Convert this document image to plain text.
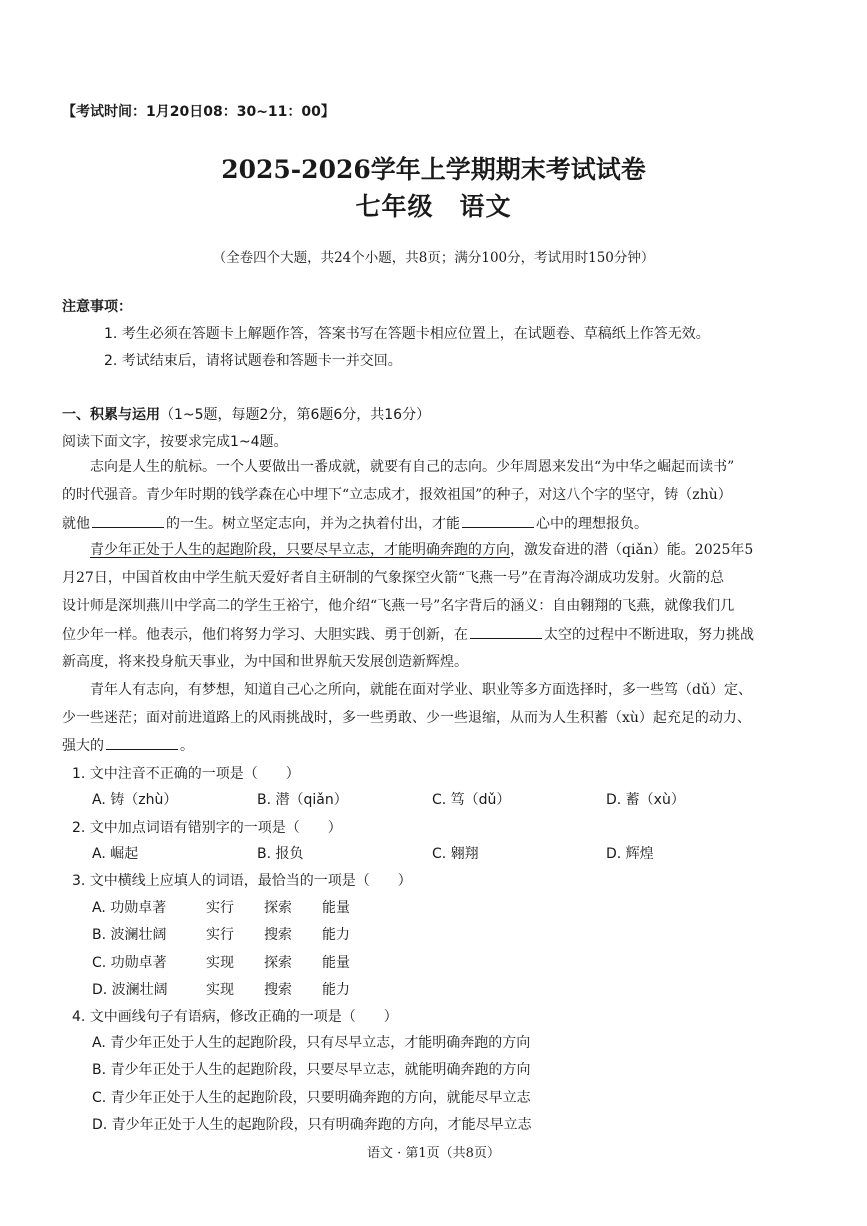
【考试时间：1月20日08：30~11：00】
2025-2026学年上学期期末考试试卷
七年级　语文
（全卷四个大题，共24个小题，共8页；满分100分，考试用时150分钟）
注意事项：
1. 考生必须在答题卡上解题作答，答案书写在答题卡相应位置上，在试题卷、草稿纸上作答无效。
2. 考试结束后，请将试题卷和答题卡一并交回。
一、积累与运用（1~5题，每题2分，第6题6分，共16分）
阅读下面文字，按要求完成1~4题。
　　志向是人生的航标。一个人要做出一番成就，就要有自己的志向。少年周恩来发出“为中华之崛起而读书”
的时代强音。青少年时期的钱学森在心中埋下“立志成才，报效祖国”的种子，对这八个字的坚守，铸（zhù）
就他	的一生。树立坚定志向，并为之执着付出，才能	心中的理想报负。
青少年正处于人生的起跑阶段，只要尽早立志，才能明确奔跑的方向，激发奋进的潜（qiǎn）能。2025年5
月27日，中国首枚由中学生航天爱好者自主研制的气象探空火箭“飞燕一号”在青海冷湖成功发射。火箭的总
设计师是深圳燕川中学高二的学生王裕宁，他介绍“飞燕一号”名字背后的涵义：自由翱翔的飞燕，就像我们几
位少年一样。他表示，他们将努力学习、大胆实践、勇于创新，在	太空的过程中不断进取，努力挑战
新高度，将来投身航天事业，为中国和世界航天发展创造新辉煌。
　　青年人有志向，有梦想，知道自己心之所向，就能在面对学业、职业等多方面选择时，多一些笃（dǔ）定、
少一些迷茫；面对前进道路上的风雨挑战时，多一些勇敢、少一些退缩，从而为人生积蓄（xù）起充足的动力、
强大的	。
1. 文中注音不正确的一项是（　　）
A. 铸（zhù）	B. 潜（qiǎn）	C. 笃（dǔ）	D. 蓄（xù）
2. 文中加点词语有错别字的一项是（　　）
A. 崛起	B. 报负	C. 翱翔	D. 辉煌
3. 文中横线上应填人的词语，最恰当的一项是（　　）
A. 功勋卓著	实行 探索 能量
B. 波澜壮阔	实行 搜索 能力
C. 功勋卓著	实现 探索 能量
D. 波澜壮阔	实现 搜索 能力
4. 文中画线句子有语病，修改正确的一项是（　　）
A. 青少年正处于人生的起跑阶段，只有尽早立志，才能明确奔跑的方向
B. 青少年正处于人生的起跑阶段，只要尽早立志，就能明确奔跑的方向
C. 青少年正处于人生的起跑阶段，只要明确奔跑的方向，就能尽早立志
D. 青少年正处于人生的起跑阶段，只有明确奔跑的方向，才能尽早立志
语文 · 第1页（共8页）
